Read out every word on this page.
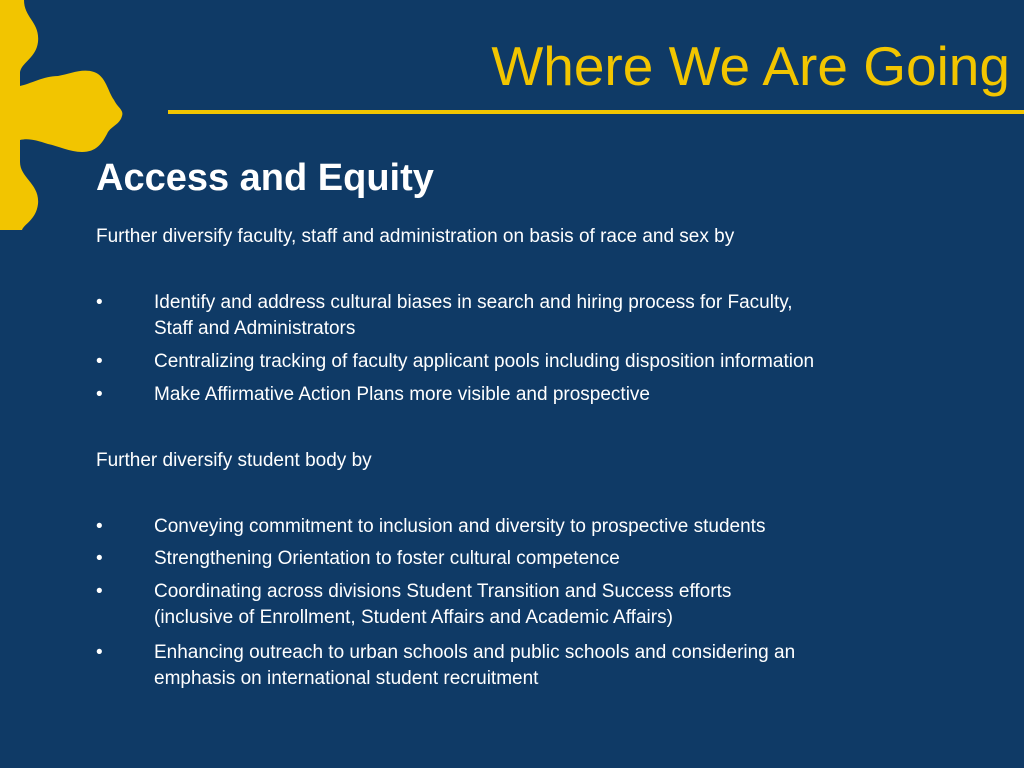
Where We Are Going
Access and Equity

Further diversify faculty, staff and administration on basis of race and sex by

•	Identify and address cultural biases in search and hiring process for Faculty,
Staff and Administrators
•	Centralizing tracking of faculty applicant pools including disposition information
•	Make Affirmative Action Plans more visible and prospective

Further diversify student body by

•	Conveying commitment to inclusion and diversity to prospective students
•	Strengthening Orientation to foster cultural competence
•	Coordinating across divisions Student Transition and Success efforts
(inclusive of Enrollment, Student Affairs and Academic Affairs)
•	Enhancing outreach to urban schools and public schools and considering an
emphasis on international student recruitment
